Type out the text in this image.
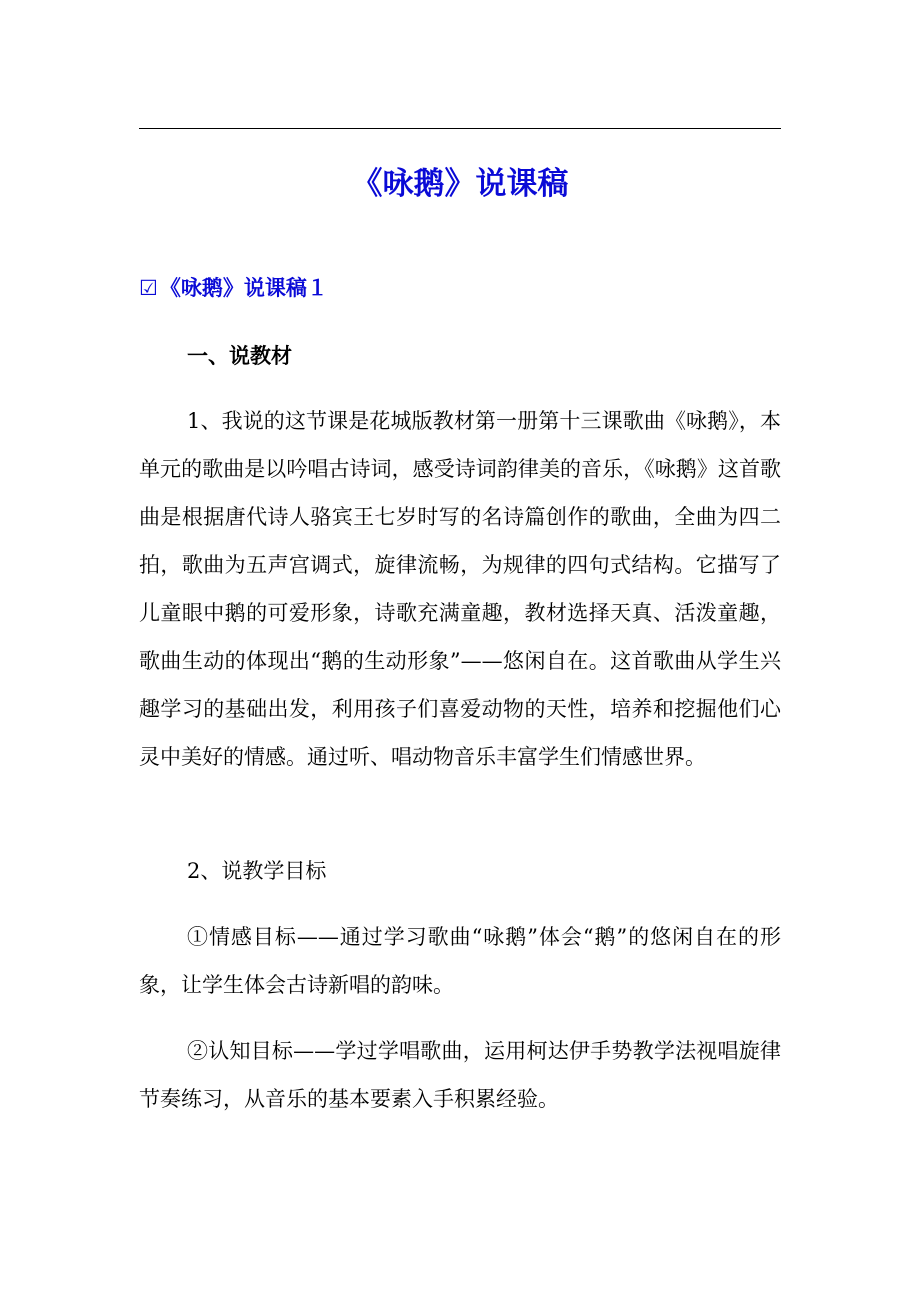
《咏鹅》说课稿
☑《咏鹅》说课稿１
一、说教材

1、我说的这节课是花城版教材第一册第十三课歌曲《咏鹅》，本单元的歌曲是以吟唱古诗词，感受诗词韵律美的音乐，《咏鹅》这首歌曲是根据唐代诗人骆宾王七岁时写的名诗篇创作的歌曲，全曲为四二拍，歌曲为五声宫调式，旋律流畅，为规律的四句式结构。它描写了儿童眼中鹅的可爱形象，诗歌充满童趣，教材选择天真、活泼童趣，歌曲生动的体现出“鹅的生动形象”——悠闲自在。这首歌曲从学生兴趣学习的基础出发，利用孩子们喜爱动物的天性，培养和挖掘他们心灵中美好的情感。通过听、唱动物音乐丰富学生们情感世界。

2、说教学目标

①情感目标——通过学习歌曲“咏鹅”体会“鹅”的悠闲自在的形象，让学生体会古诗新唱的韵味。

②认知目标——学过学唱歌曲，运用柯达伊手势教学法视唱旋律节奏练习，从音乐的基本要素入手积累经验。
